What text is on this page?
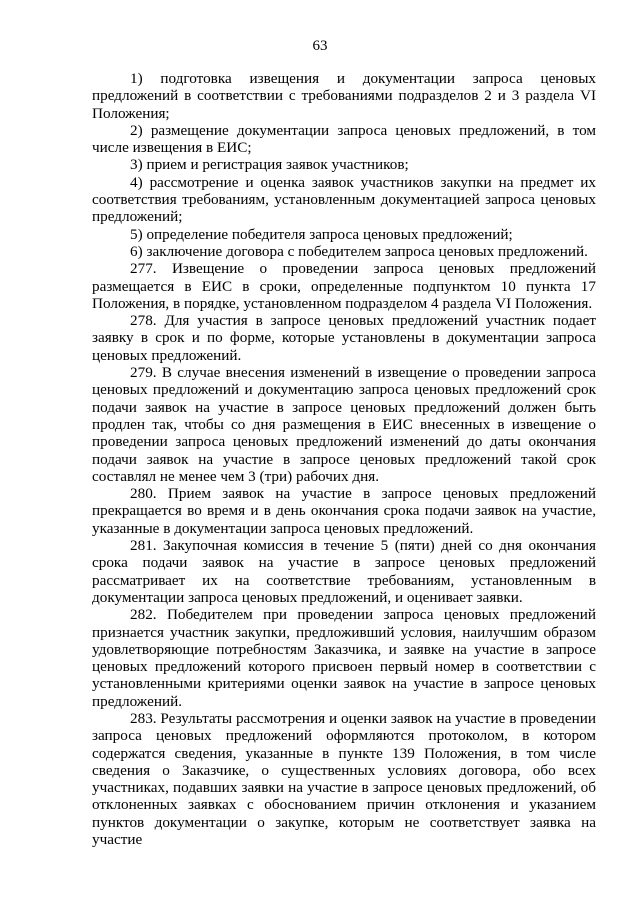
63

1) подготовка извещения и документации запроса ценовых предложений в соответствии с требованиями подразделов 2 и 3 раздела VI Положения;

2) размещение документации запроса ценовых предложений, в том числе извещения в ЕИС;

3) прием и регистрация заявок участников;

4) рассмотрение и оценка заявок участников закупки на предмет их соответствия требованиям, установленным документацией запроса ценовых предложений;

5) определение победителя запроса ценовых предложений;

6) заключение договора с победителем запроса ценовых предложений.

277. Извещение о проведении запроса ценовых предложений размещается в ЕИС в сроки, определенные подпунктом 10 пункта 17 Положения, в порядке, установленном подразделом 4 раздела VI Положения.

278. Для участия в запросе ценовых предложений участник подает заявку в срок и по форме, которые установлены в документации запроса ценовых предложений.

279. В случае внесения изменений в извещение о проведении запроса ценовых предложений и документацию запроса ценовых предложений срок подачи заявок на участие в запросе ценовых предложений должен быть продлен так, чтобы со дня размещения в ЕИС внесенных в извещение о проведении запроса ценовых предложений изменений до даты окончания подачи заявок на участие в запросе ценовых предложений такой срок составлял не менее чем 3 (три) рабочих дня.

280. Прием заявок на участие в запросе ценовых предложений прекращается во время и в день окончания срока подачи заявок на участие, указанные в документации запроса ценовых предложений.

281. Закупочная комиссия в течение 5 (пяти) дней со дня окончания срока подачи заявок на участие в запросе ценовых предложений рассматривает их на соответствие требованиям, установленным в документации запроса ценовых предложений, и оценивает заявки.

282. Победителем при проведении запроса ценовых предложений признается участник закупки, предложивший условия, наилучшим образом удовлетворяющие потребностям Заказчика, и заявке на участие в запросе ценовых предложений которого присвоен первый номер в соответствии с установленными критериями оценки заявок на участие в запросе ценовых предложений.

283. Результаты рассмотрения и оценки заявок на участие в проведении запроса ценовых предложений оформляются протоколом, в котором содержатся сведения, указанные в пункте 139 Положения, в том числе сведения о Заказчике, о существенных условиях договора, обо всех участниках, подавших заявки на участие в запросе ценовых предложений, об отклоненных заявках с обоснованием причин отклонения и указанием пунктов документации о закупке, которым не соответствует заявка на участие
